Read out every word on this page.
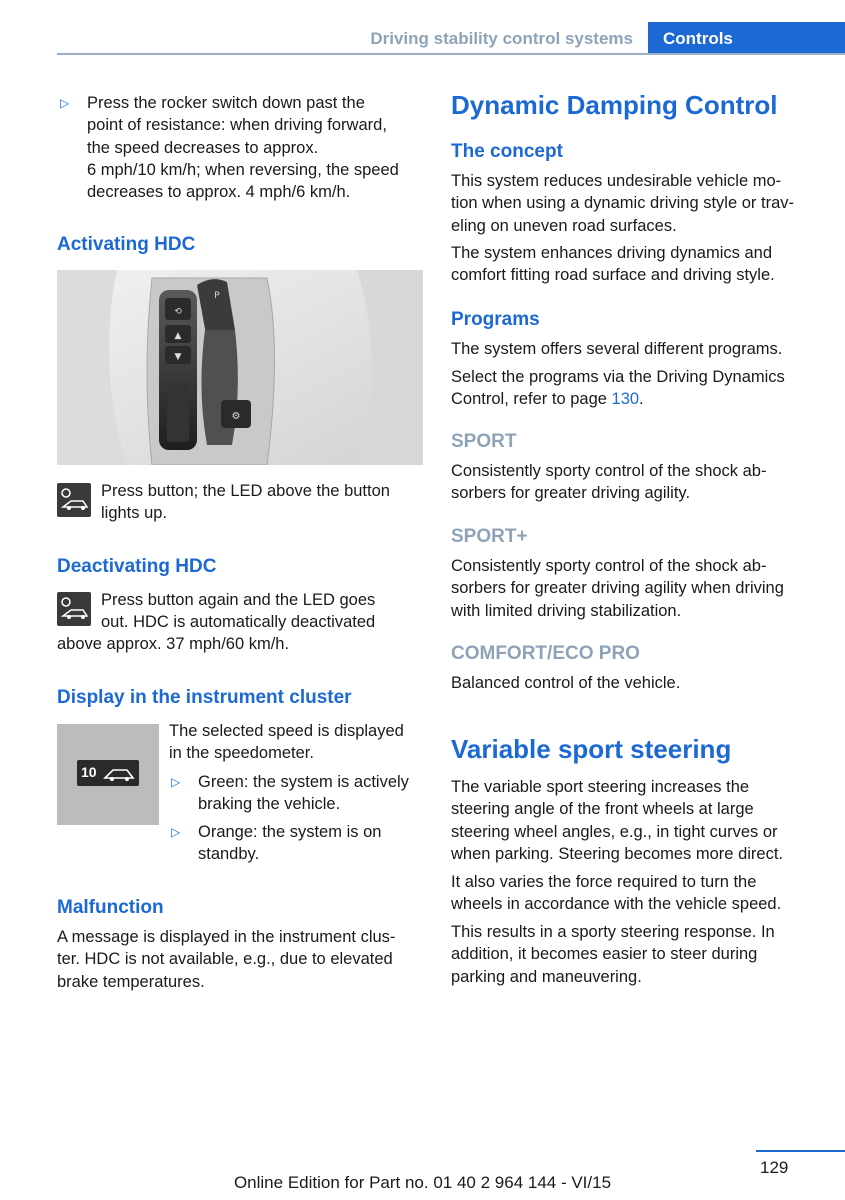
Driving stability control systems	Controls
▷ Press the rocker switch down past the
point of resistance: when driving forward,
the speed decreases to approx.
6 mph/10 km/h; when reversing, the speed
decreases to approx. 4 mph/6 km/h.
Activating HDC
⟲
▲
▼
P
⚙
Press button; the LED above the button
lights up.
Deactivating HDC
Press button again and the LED goes
out. HDC is automatically deactivated
above approx. 37 mph/60 km/h.
Display in the instrument cluster
10
The selected speed is displayed
in the speedometer.
▷ Green: the system is actively
braking the vehicle.
▷ Orange: the system is on
standby.
Malfunction
A message is displayed in the instrument clus-
ter. HDC is not available, e.g., due to elevated
brake temperatures.
Dynamic Damping Control
The concept
This system reduces undesirable vehicle mo-
tion when using a dynamic driving style or trav-
eling on uneven road surfaces.
The system enhances driving dynamics and
comfort fitting road surface and driving style.
Programs
The system offers several different programs.
Select the programs via the Driving Dynamics
Control, refer to page 130.
SPORT
Consistently sporty control of the shock ab-
sorbers for greater driving agility.
SPORT+
Consistently sporty control of the shock ab-
sorbers for greater driving agility when driving
with limited driving stabilization.
COMFORT/ECO PRO
Balanced control of the vehicle.
Variable sport steering
The variable sport steering increases the
steering angle of the front wheels at large
steering wheel angles, e.g., in tight curves or
when parking. Steering becomes more direct.
It also varies the force required to turn the
wheels in accordance with the vehicle speed.
This results in a sporty steering response. In
addition, it becomes easier to steer during
parking and maneuvering.
129
Online Edition for Part no. 01 40 2 964 144 - VI/15
